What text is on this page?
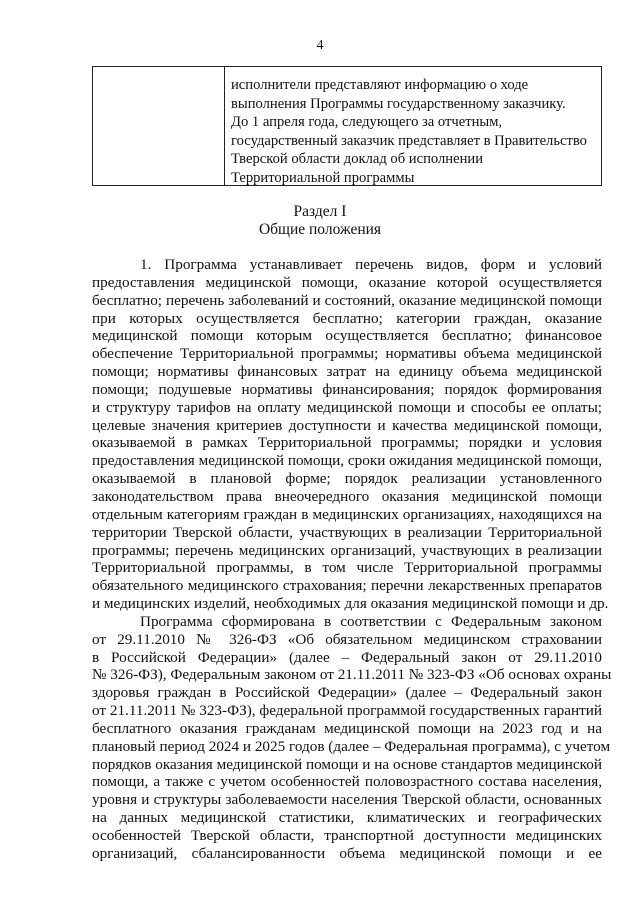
4
исполнители представляют информацию о ходе
выполнения Программы государственному заказчику.
До 1 апреля года, следующего за отчетным,
государственный заказчик представляет в Правительство
Тверской области доклад об исполнении
Территориальной программы
Раздел I
Общие положения
1. Программа устанавливает перечень видов, форм и условий
предоставления медицинской помощи, оказание которой осуществляется
бесплатно; перечень заболеваний и состояний, оказание медицинской помощи
при которых осуществляется бесплатно; категории граждан, оказание
медицинской помощи которым осуществляется бесплатно; финансовое
обеспечение Территориальной программы; нормативы объема медицинской
помощи; нормативы финансовых затрат на единицу объема медицинской
помощи; подушевые нормативы финансирования; порядок формирования
и структуру тарифов на оплату медицинской помощи и способы ее оплаты;
целевые значения критериев доступности и качества медицинской помощи,
оказываемой в рамках Территориальной программы; порядки и условия
предоставления медицинской помощи, сроки ожидания медицинской помощи,
оказываемой в плановой форме; порядок реализации установленного
законодательством права внеочередного оказания медицинской помощи
отдельным категориям граждан в медицинских организациях, находящихся на
территории Тверской области, участвующих в реализации Территориальной
программы; перечень медицинских организаций, участвующих в реализации
Территориальной программы, в том числе Территориальной программы
обязательного медицинского страхования; перечни лекарственных препаратов
и медицинских изделий, необходимых для оказания медицинской помощи и др.
Программа сформирована в соответствии с Федеральным законом
от 29.11.2010 № 326-ФЗ «Об обязательном медицинском страховании
в Российской Федерации» (далее – Федеральный закон от 29.11.2010
№ 326-ФЗ), Федеральным законом от 21.11.2011 № 323-ФЗ «Об основах охраны
здоровья граждан в Российской Федерации» (далее – Федеральный закон
от 21.11.2011 № 323-ФЗ), федеральной программой государственных гарантий
бесплатного оказания гражданам медицинской помощи на 2023 год и на
плановый период 2024 и 2025 годов (далее – Федеральная программа), с учетом
порядков оказания медицинской помощи и на основе стандартов медицинской
помощи, а также с учетом особенностей половозрастного состава населения,
уровня и структуры заболеваемости населения Тверской области, основанных
на данных медицинской статистики, климатических и географических
особенностей Тверской области, транспортной доступности медицинских
организаций, сбалансированности объема медицинской помощи и ее
